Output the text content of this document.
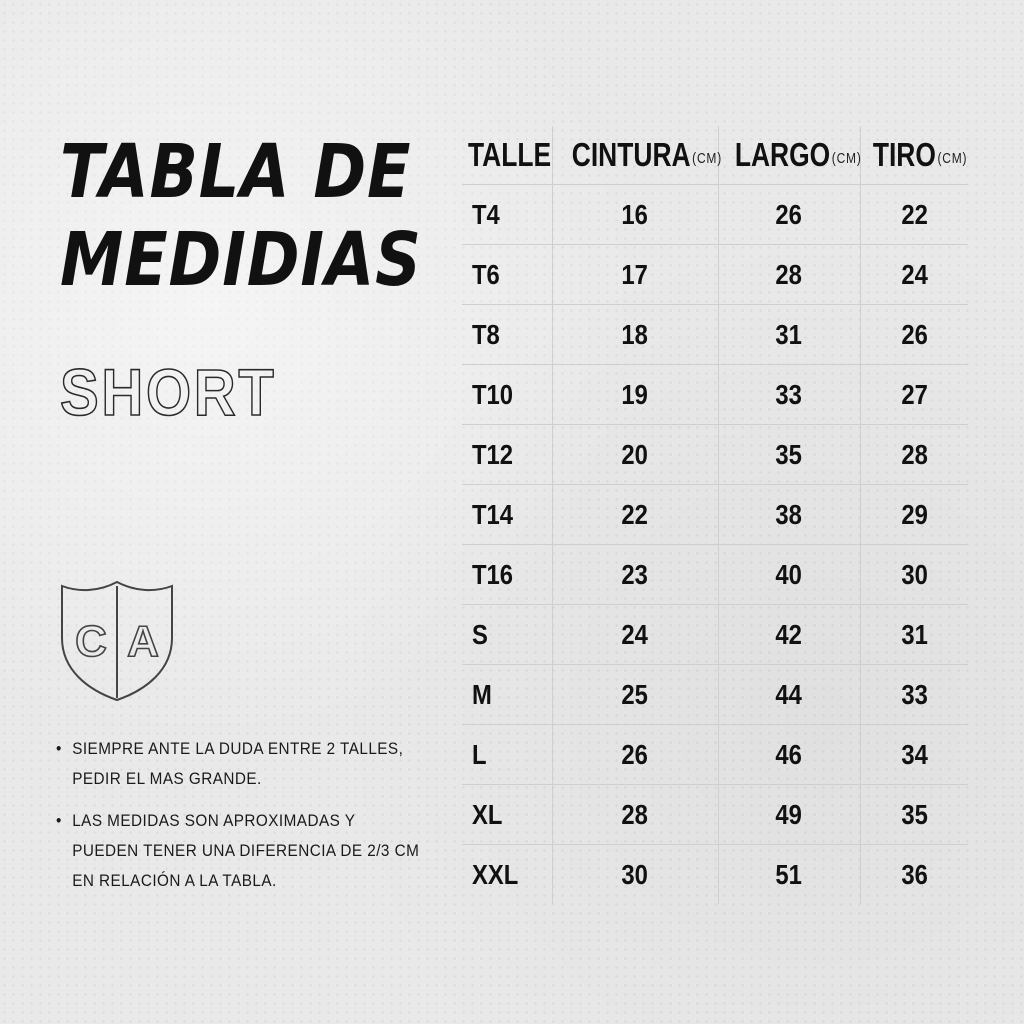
TABLA DE
MEDIDIAS
SHORT
C A
• SIEMPRE ANTE LA DUDA ENTRE 2 TALLES, PEDIR EL MAS GRANDE.
• LAS MEDIDAS SON APROXIMADAS Y PUEDEN TENER UNA DIFERENCIA DE 2/3 CM EN RELACIÓN A LA TABLA.
TALLE	CINTURA (CM)	LARGO (CM)	TIRO (CM)
T4	16	26	22
T6	17	28	24
T8	18	31	26
T10	19	33	27
T12	20	35	28
T14	22	38	29
T16	23	40	30
S	24	42	31
M	25	44	33
L	26	46	34
XL	28	49	35
XXL	30	51	36
